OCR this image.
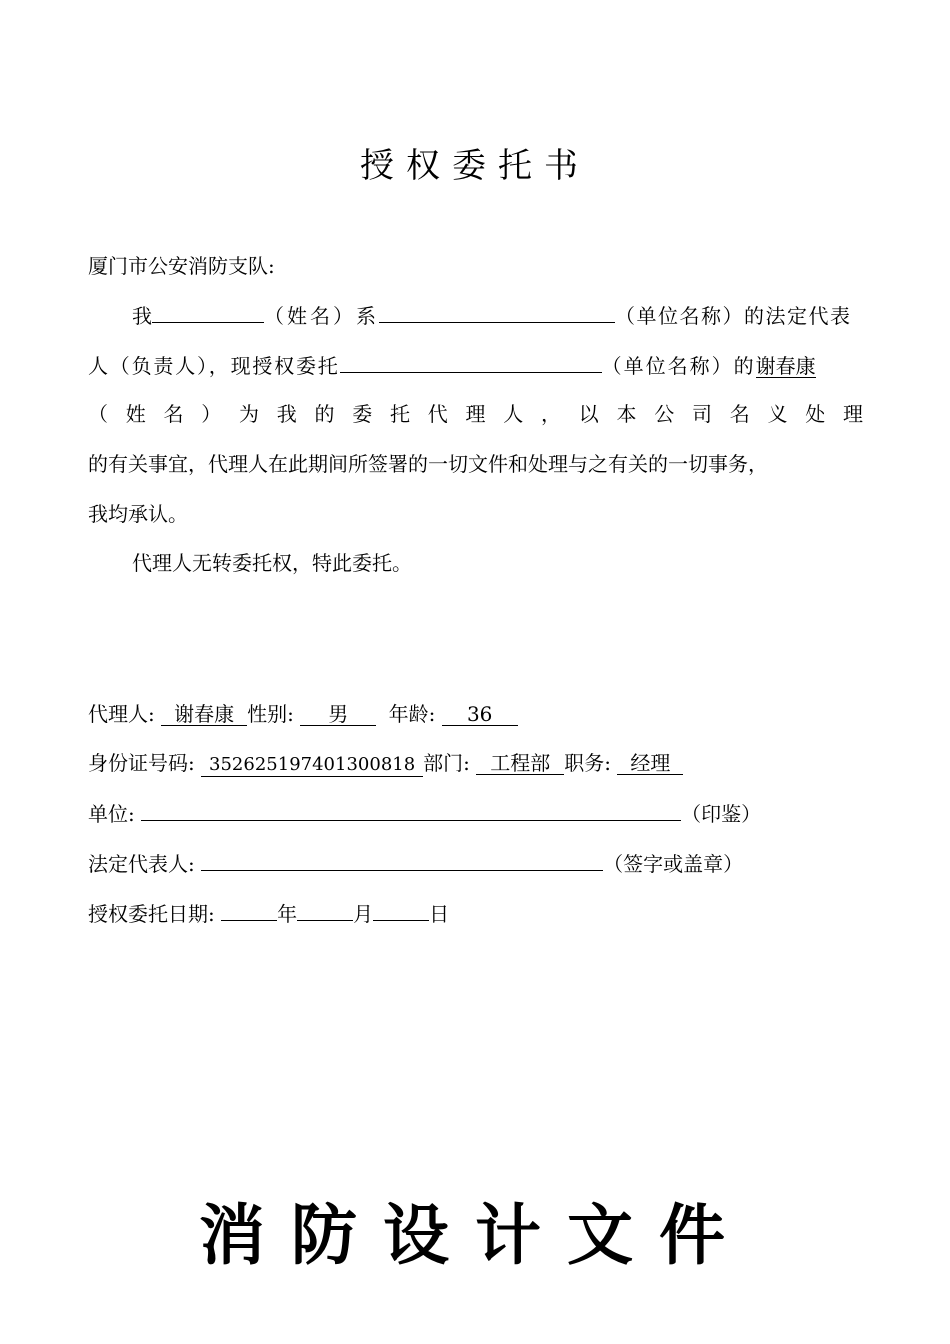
授权委托书
厦门市公安消防支队:
我	（姓名）系	（单位名称）的法定代表
人（负责人），现授权委托	（单位名称）的谢春康
（ 姓 名 ） 为 我 的 委 托 代 理 人 ， 以 本 公 司 名 义 处 理
的有关事宜，代理人在此期间所签署的一切文件和处理与之有关的一切事务，
我均承认。
代理人无转委托权，特此委托。
代理人: 谢春康 性别: 男 年龄: 36
身份证号码: 352625197401300818 部门: 工程部 职务: 经理
单位:	（印鉴）
法定代表人:	（签字或盖章）
授权委托日期:	年	月	日
消防设计文件
